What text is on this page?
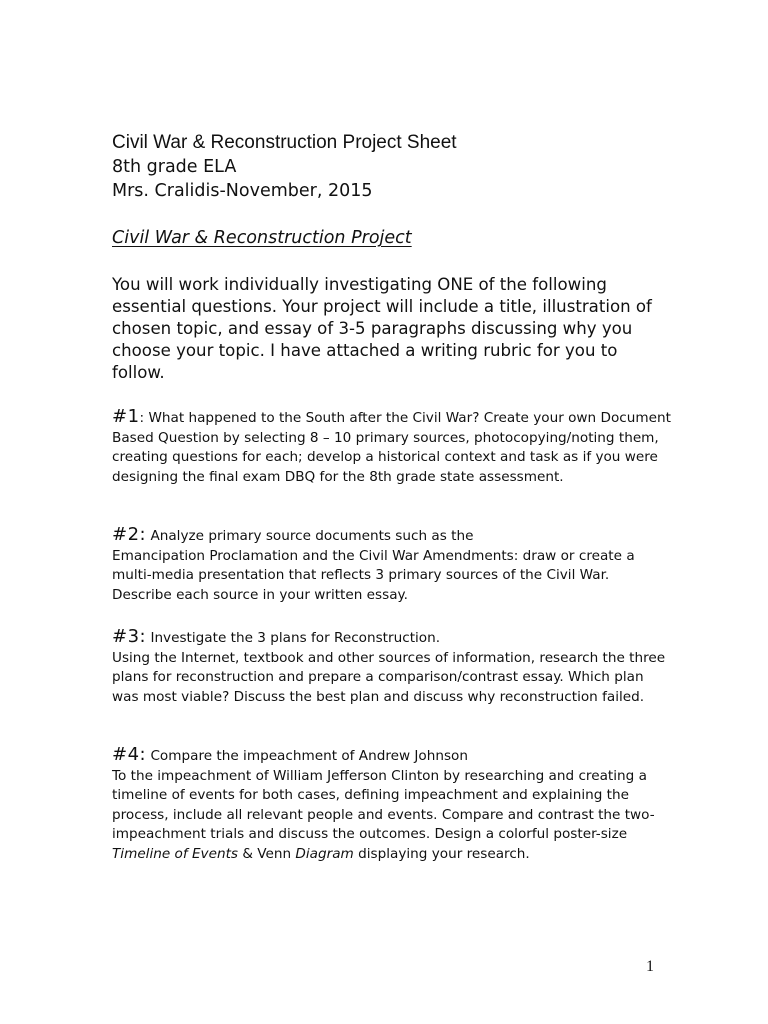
Civil War & Reconstruction Project Sheet
8th grade ELA
Mrs. Cralidis-November, 2015
Civil War & Reconstruction Project

You will work individually investigating ONE of the following essential questions. Your project will include a title, illustration of chosen topic, and essay of 3-5 paragraphs discussing why you choose your topic. I have attached a writing rubric for you to follow.

#1: What happened to the South after the Civil War? Create your own Document Based Question by selecting 8 – 10 primary sources, photocopying/noting them, creating questions for each; develop a historical context and task as if you were designing the final exam DBQ for the 8th grade state assessment.

#2: Analyze primary source documents such as the
Emancipation Proclamation and the Civil War Amendments: draw or create a multi-media presentation that reflects 3 primary sources of the Civil War. Describe each source in your written essay.

#3: Investigate the 3 plans for Reconstruction.
Using the Internet, textbook and other sources of information, research the three plans for reconstruction and prepare a comparison/contrast essay. Which plan was most viable? Discuss the best plan and discuss why reconstruction failed.

#4: Compare the impeachment of Andrew Johnson
To the impeachment of William Jefferson Clinton by researching and creating a timeline of events for both cases, defining impeachment and explaining the process, include all relevant people and events. Compare and contrast the two-impeachment trials and discuss the outcomes. Design a colorful poster-size Timeline of Events & Venn Diagram displaying your research.

1
